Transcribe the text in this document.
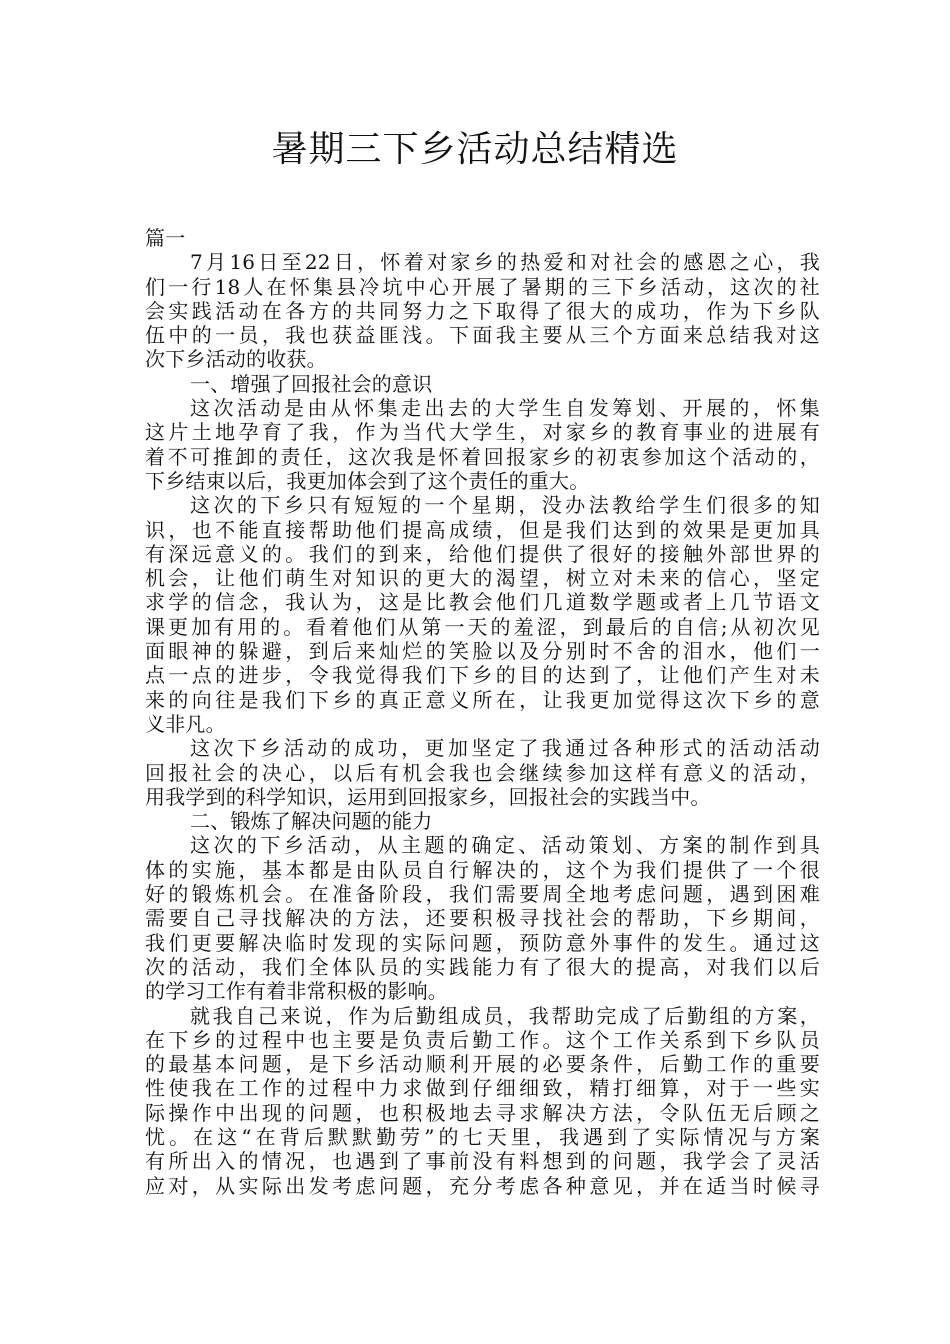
暑期三下乡活动总结精选
篇一
7月16日至22日，怀着对家乡的热爱和对社会的感恩之心，我
们一行18人在怀集县冷坑中心开展了暑期的三下乡活动，这次的社
会实践活动在各方的共同努力之下取得了很大的成功，作为下乡队
伍中的一员，我也获益匪浅。下面我主要从三个方面来总结我对这
次下乡活动的收获。
一、增强了回报社会的意识
这次活动是由从怀集走出去的大学生自发筹划、开展的，怀集
这片土地孕育了我，作为当代大学生，对家乡的教育事业的进展有
着不可推卸的责任，这次我是怀着回报家乡的初衷参加这个活动的，
下乡结束以后，我更加体会到了这个责任的重大。
这次的下乡只有短短的一个星期，没办法教给学生们很多的知
识，也不能直接帮助他们提高成绩，但是我们达到的效果是更加具
有深远意义的。我们的到来，给他们提供了很好的接触外部世界的
机会，让他们萌生对知识的更大的渴望，树立对未来的信心，坚定
求学的信念，我认为，这是比教会他们几道数学题或者上几节语文
课更加有用的。看着他们从第一天的羞涩，到最后的自信;从初次见
面眼神的躲避，到后来灿烂的笑脸以及分别时不舍的泪水，他们一
点一点的进步，令我觉得我们下乡的目的达到了，让他们产生对未
来的向往是我们下乡的真正意义所在，让我更加觉得这次下乡的意
义非凡。
这次下乡活动的成功，更加坚定了我通过各种形式的活动活动
回报社会的决心，以后有机会我也会继续参加这样有意义的活动，
用我学到的科学知识，运用到回报家乡，回报社会的实践当中。
二、锻炼了解决问题的能力
这次的下乡活动，从主题的确定、活动策划、方案的制作到具
体的实施，基本都是由队员自行解决的，这个为我们提供了一个很
好的锻炼机会。在准备阶段，我们需要周全地考虑问题，遇到困难
需要自己寻找解决的方法，还要积极寻找社会的帮助，下乡期间，
我们更要解决临时发现的实际问题，预防意外事件的发生。通过这
次的活动，我们全体队员的实践能力有了很大的提高，对我们以后
的学习工作有着非常积极的影响。
就我自己来说，作为后勤组成员，我帮助完成了后勤组的方案，
在下乡的过程中也主要是负责后勤工作。这个工作关系到下乡队员
的最基本问题，是下乡活动顺利开展的必要条件，后勤工作的重要
性使我在工作的过程中力求做到仔细细致，精打细算，对于一些实
际操作中出现的问题，也积极地去寻求解决方法，令队伍无后顾之
忧。在这“在背后默默勤劳”的七天里，我遇到了实际情况与方案
有所出入的情况，也遇到了事前没有料想到的问题，我学会了灵活
应对，从实际出发考虑问题，充分考虑各种意见，并在适当时候寻
